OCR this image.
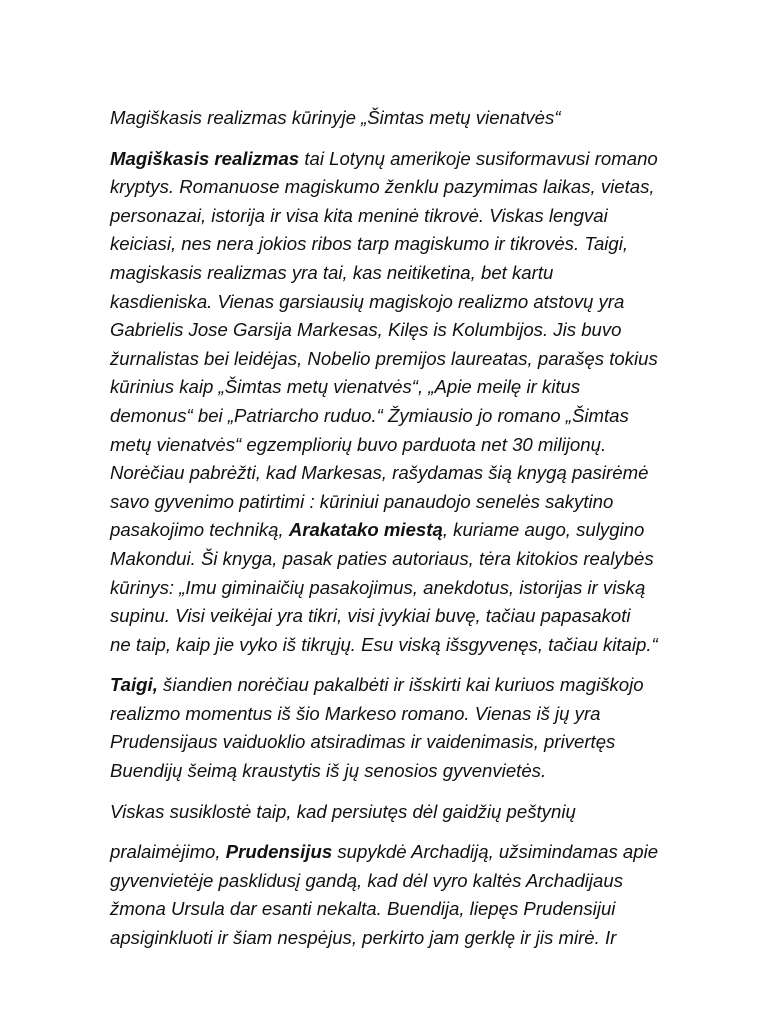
Magiškasis realizmas kūrinyje „Šimtas metų vienatvės“

Magiškasis realizmas tai Lotynų amerikoje susiformavusi romano
kryptys. Romanuose magiskumo ženklu pazymimas laikas, vietas,
personazai, istorija ir visa kita meninė tikrovė. Viskas lengvai
keiciasi, nes nera jokios ribos tarp magiskumo ir tikrovės. Taigi,
magiskasis realizmas yra tai, kas neitiketina, bet kartu
kasdieniska. Vienas garsiausių magiskojo realizmo atstovų yra
Gabrielis Jose Garsija Markesas, Kilęs is Kolumbijos. Jis buvo
žurnalistas bei leidėjas, Nobelio premijos laureatas, parašęs tokius
kūrinius kaip „Šimtas metų vienatvės“, „Apie meilę ir kitus
demonus“ bei „Patriarcho ruduo.“ Žymiausio jo romano „Šimtas
metų vienatvės“ egzempliorių buvo parduota net 30 milijonų.
Norėčiau pabrėžti, kad Markesas, rašydamas šią knygą pasirėmė
savo gyvenimo patirtimi : kūriniui panaudojo senelės sakytino
pasakojimo techniką, Arakatako miestą, kuriame augo, sulygino
Makondui. Ši knyga, pasak paties autoriaus, tėra kitokios realybės
kūrinys: „Imu giminaičių pasakojimus, anekdotus, istorijas ir viską
supinu. Visi veikėjai yra tikri, visi įvykiai buvę, tačiau papasakoti
ne taip, kaip jie vyko iš tikrųjų. Esu viską išsgyvenęs, tačiau kitaip.“

Taigi, šiandien norėčiau pakalbėti ir išskirti kai kuriuos magiškojo
realizmo momentus iš šio Markeso romano. Vienas iš jų yra
Prudensijaus vaiduoklio atsiradimas ir vaidenimasis, privertęs
Buendijų šeimą kraustytis iš jų senosios gyvenvietės.

Viskas susiklostė taip, kad persiutęs dėl gaidžių peštynių

pralaimėjimo, Prudensijus supykdė Archadiją, užsimindamas apie
gyvenvietėje pasklidusį gandą, kad dėl vyro kaltės Archadijaus
žmona Ursula dar esanti nekalta. Buendija, liepęs Prudensijui
apsiginkluoti ir šiam nespėjus, perkirto jam gerklę ir jis mirė. Ir
